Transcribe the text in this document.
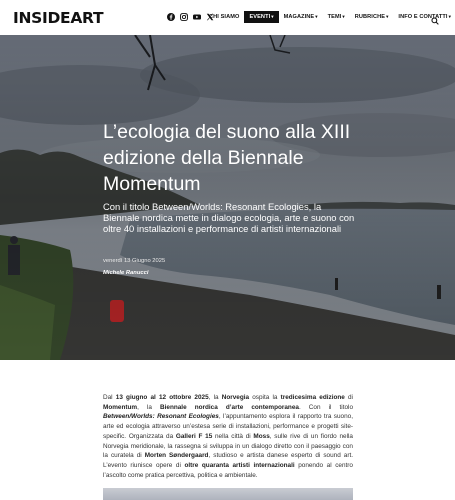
INSIDEART	CHI SIAMO	EVENTI▾	MAGAZINE▾	TEMI▾	RUBRICHE▾	INFO E CONTATTI▾
L’ecologia del suono alla XIII edizione della Biennale Momentum

Con il titolo Between/Worlds: Resonant Ecologies, la Biennale nordica mette in dialogo ecologia, arte e suono con oltre 40 installazioni e performance di artisti internazionali

venerdì 13 Giugno 2025
Michele Ranucci

Dal 13 giugno al 12 ottobre 2025, la Norvegia ospita la tredicesima edizione di Momentum, la Biennale nordica d’arte contemporanea. Con il titolo Between/Worlds: Resonant Ecologies, l’appuntamento esplora il rapporto tra suono, arte ed ecologia attraverso un’estesa serie di installazioni, performance e progetti site-specific. Organizzata da Galleri F 15 nella città di Moss, sulle rive di un fiordo nella Norvegia meridionale, la rassegna si sviluppa in un dialogo diretto con il paesaggio con la curatela di Morten Søndergaard, studioso e artista danese esperto di sound art. L’evento riunisce opere di oltre quaranta artisti internazionali ponendo al centro l’ascolto come pratica percettiva, politica e ambientale.
